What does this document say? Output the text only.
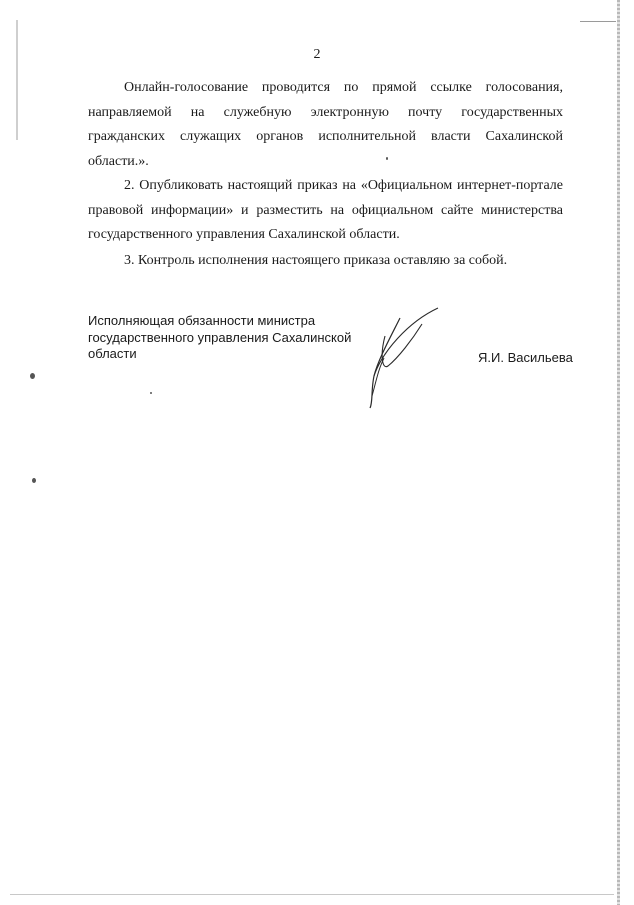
2

Онлайн-голосование проводится по прямой ссылке голосования, направляемой на служебную электронную почту государственных гражданских служащих органов исполнительной власти Сахалинской области.».

2. Опубликовать настоящий приказ на «Официальном интернет-портале правовой информации» и разместить на официальном сайте министерства государственного управления Сахалинской области.

3. Контроль исполнения настоящего приказа оставляю за собой.

Исполняющая обязанности министра государственного управления Сахалинской области	Я.И. Васильева
